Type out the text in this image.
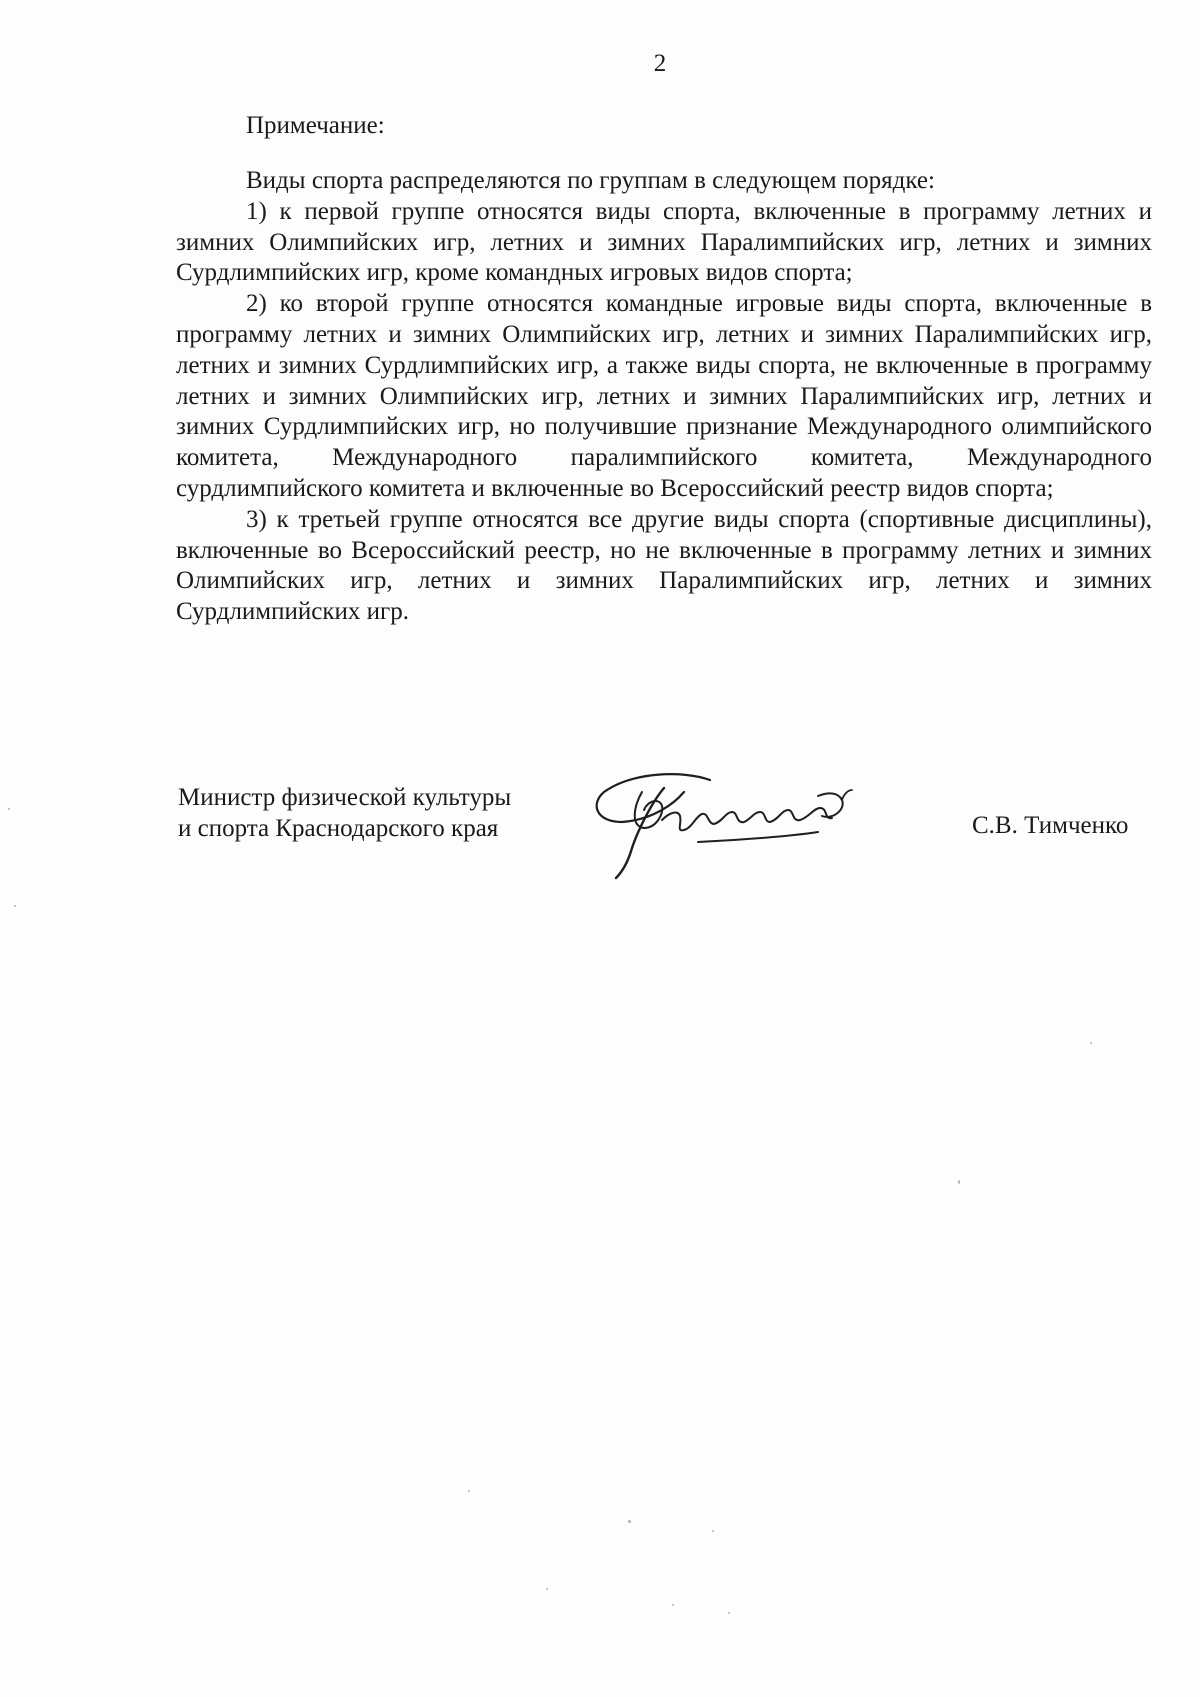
2
Примечание:

Виды спорта распределяются по группам в следующем порядке:

1) к первой группе относятся виды спорта, включенные в программу летних и зимних Олимпийских игр, летних и зимних Паралимпийских игр, летних и зимних Сурдлимпийских игр, кроме командных игровых видов спорта;

2) ко второй группе относятся командные игровые виды спорта, включенные в программу летних и зимних Олимпийских игр, летних и зимних Паралимпийских игр, летних и зимних Сурдлимпийских игр, а также виды спорта, не включенные в программу летних и зимних Олимпийских игр, летних и зимних Паралимпийских игр, летних и зимних Сурдлимпийских игр, но получившие признание Международного олимпийского комитета, Международного паралимпийского комитета, Международного сурдлимпийского комитета и включенные во Всероссийский реестр видов спорта;

3) к третьей группе относятся все другие виды спорта (спортивные дисциплины), включенные во Всероссийский реестр, но не включенные в программу летних и зимних Олимпийских игр, летних и зимних Паралимпийских игр, летних и зимних Сурдлимпийских игр.

Министр физической культуры
и спорта Краснодарского края	С.В. Тимченко
